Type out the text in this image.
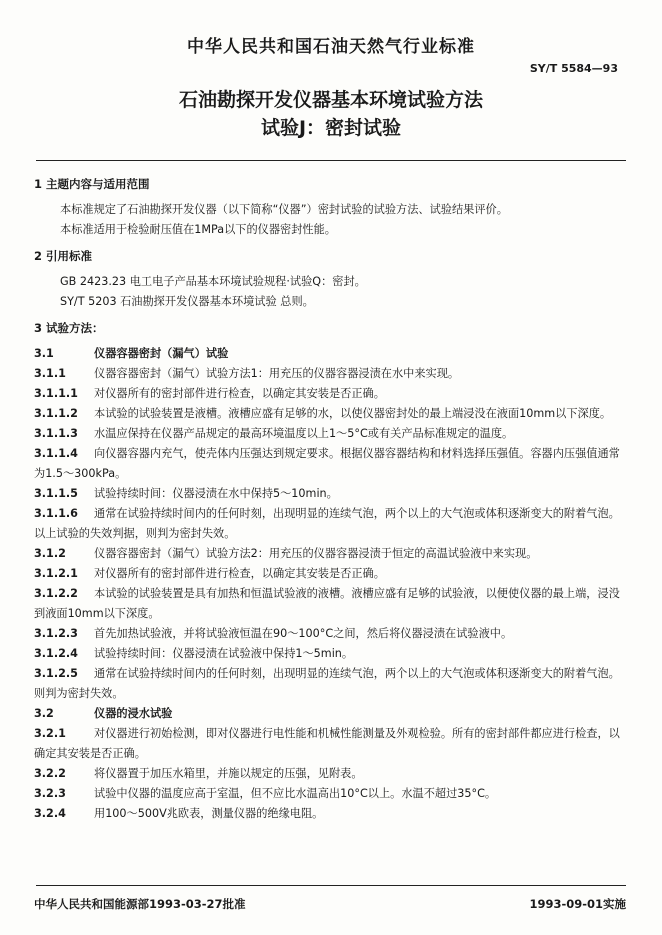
中华人民共和国石油天然气行业标准
SY/T 5584—93
石油勘探开发仪器基本环境试验方法
试验J：密封试验

1 主题内容与适用范围

本标准规定了石油勘探开发仪器（以下简称“仪器”）密封试验的试验方法、试验结果评价。

本标准适用于检验耐压值在1MPa以下的仪器密封性能。

2 引用标准

GB 2423.23 电工电子产品基本环境试验规程·试验Q：密封。

SY/T 5203 石油勘探开发仪器基本环境试验 总则。

3 试验方法：

3.1	仪器容器密封（漏气）试验

3.1.1	仪器容器密封（漏气）试验方法1：用充压的仪器容器浸渍在水中来实现。

3.1.1.1 对仪器所有的密封部件进行检查，以确定其安装是否正确。

3.1.1.2 本试验的试验装置是液槽。液槽应盛有足够的水，以使仪器密封处的最上端浸没在液面10mm以下深度。

3.1.1.3 水温应保持在仪器产品规定的最高环境温度以上1～5°C或有关产品标准规定的温度。

3.1.1.4 向仪器容器内充气，使壳体内压强达到规定要求。根据仪器容器结构和材料选择压强值。容器内压强值通常为1.5～300kPa。

3.1.1.5 试验持续时间：仪器浸渍在水中保持5～10min。

3.1.1.6 通常在试验持续时间内的任何时刻，出现明显的连续气泡，两个以上的大气泡或体积逐渐变大的附着气泡。以上试验的失效判据，则判为密封失效。

3.1.2	仪器容器密封（漏气）试验方法2：用充压的仪器容器浸渍于恒定的高温试验液中来实现。

3.1.2.1 对仪器所有的密封部件进行检查，以确定其安装是否正确。

3.1.2.2 本试验的试验装置是具有加热和恒温试验液的液槽。液槽应盛有足够的试验液，以便使仪器的最上端，浸没到液面10mm以下深度。

3.1.2.3 首先加热试验液，并将试验液恒温在90～100°C之间，然后将仪器浸渍在试验液中。

3.1.2.4 试验持续时间：仪器浸渍在试验液中保持1～5min。

3.1.2.5 通常在试验持续时间内的任何时刻，出现明显的连续气泡，两个以上的大气泡或体积逐渐变大的附着气泡。则判为密封失效。

3.2	仪器的浸水试验

3.2.1	对仪器进行初始检测，即对仪器进行电性能和机械性能测量及外观检验。所有的密封部件都应进行检查，以确定其安装是否正确。

3.2.2	将仪器置于加压水箱里，并施以规定的压强，见附表。

3.2.3	试验中仪器的温度应高于室温，但不应比水温高出10°C以上。水温不超过35°C。

3.2.4	用100～500V兆欧表，测量仪器的绝缘电阻。

中华人民共和国能源部1993-03-27批准	1993-09-01实施
